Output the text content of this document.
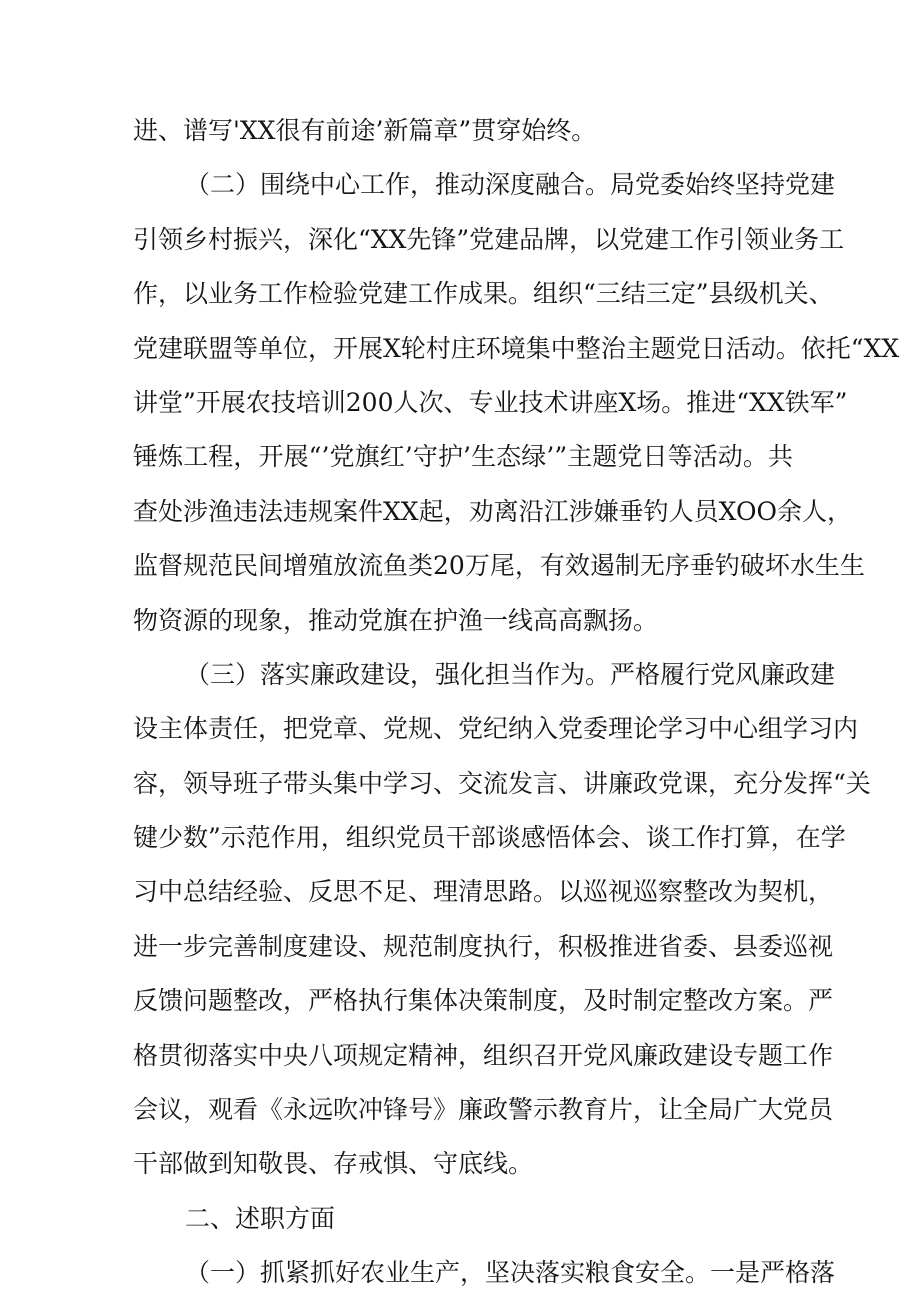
进、谱写'XX很有前途’新篇章”贯穿始终。
（二）围绕中心工作，推动深度融合。局党委始终坚持党建
引领乡村振兴，深化“XX先锋”党建品牌，以党建工作引领业务工
作，以业务工作检验党建工作成果。组织“三结三定”县级机关、
党建联盟等单位，开展X轮村庄环境集中整治主题党日活动。依托“XX
讲堂”开展农技培训200人次、专业技术讲座X场。推进“XX铁军”
锤炼工程，开展“’党旗红’守护’生态绿’”主题党日等活动。共
查处涉渔违法违规案件XX起，劝离沿江涉嫌垂钓人员XOO余人，
监督规范民间增殖放流鱼类20万尾，有效遏制无序垂钓破坏水生生
物资源的现象，推动党旗在护渔一线高高飘扬。
（三）落实廉政建设，强化担当作为。严格履行党风廉政建
设主体责任，把党章、党规、党纪纳入党委理论学习中心组学习内
容，领导班子带头集中学习、交流发言、讲廉政党课，充分发挥“关
键少数”示范作用，组织党员干部谈感悟体会、谈工作打算，在学
习中总结经验、反思不足、理清思路。以巡视巡察整改为契机，
进一步完善制度建设、规范制度执行，积极推进省委、县委巡视
反馈问题整改，严格执行集体决策制度，及时制定整改方案。严
格贯彻落实中央八项规定精神，组织召开党风廉政建设专题工作
会议，观看《永远吹冲锋号》廉政警示教育片，让全局广大党员
干部做到知敬畏、存戒惧、守底线。
二、述职方面
（一）抓紧抓好农业生产，坚决落实粮食安全。一是严格落
